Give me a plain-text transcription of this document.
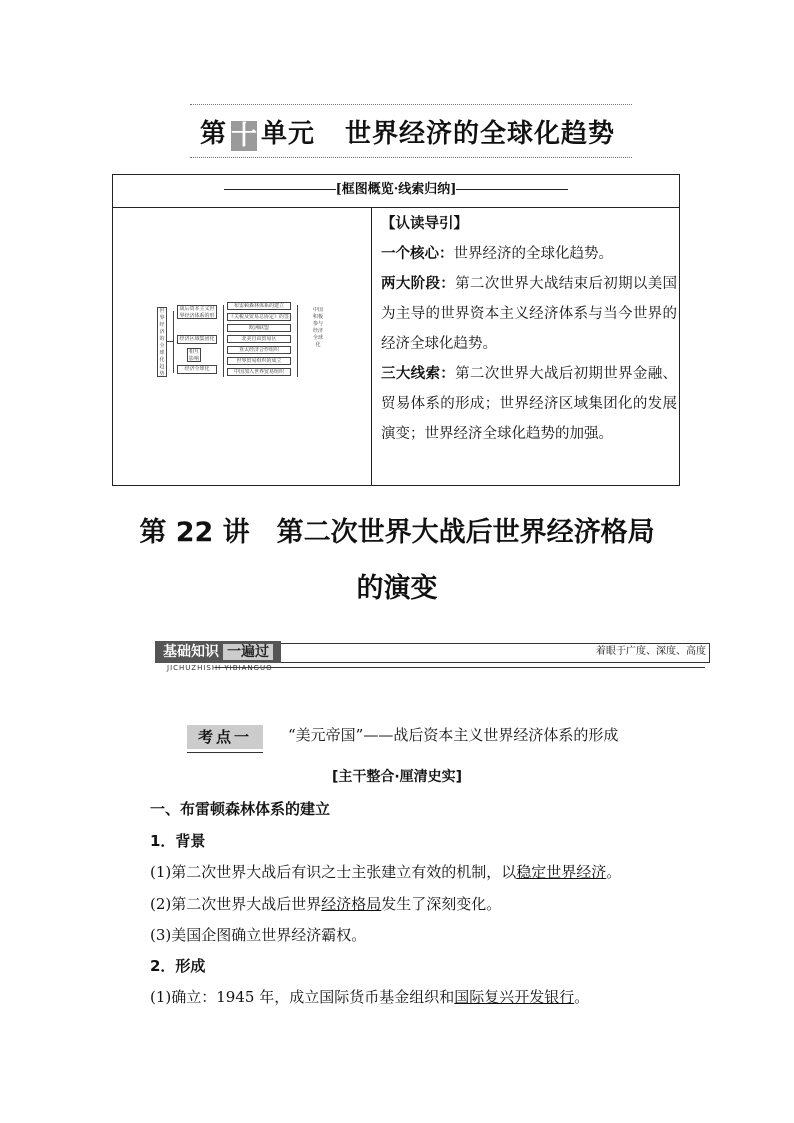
第 十 单元 世界经济的全球化趋势
[框图概览·线索归纳]
世界经济的全球化趋势
战后资本主义世界经济体系的形
经济区域集团化
经济全球化
相互影响
布雷顿森林体系的建立
《关税及贸易总协定》的签
欧洲联盟
北美自由贸易区
亚太经济合作组织
世界贸易组织的成立
中国加入世界贸易组织
中国积极参与经济全球化
【认读导引】
一个核心：世界经济的全球化趋势。
两大阶段：第二次世界大战结束后初期以美国为主导的世界资本主义经济体系与当今世界的经济全球化趋势。
三大线索：第二次世界大战后初期世界金融、贸易体系的形成；世界经济区域集团化的发展演变；世界经济全球化趋势的加强。
第 22 讲　第二次世界大战后世界经济格局
的演变
基础知识 一遍过
JICHUZHISHI YIBIANGUO
着眼于广度、深度、高度
考点一	“美元帝国”——战后资本主义世界经济体系的形成
[主干整合·厘清史实]
一、布雷顿森林体系的建立
1．背景
(1)第二次世界大战后有识之士主张建立有效的机制，以稳定世界经济。
(2)第二次世界大战后世界经济格局发生了深刻变化。
(3)美国企图确立世界经济霸权。
2．形成
(1)确立：1945 年，成立国际货币基金组织和国际复兴开发银行。
